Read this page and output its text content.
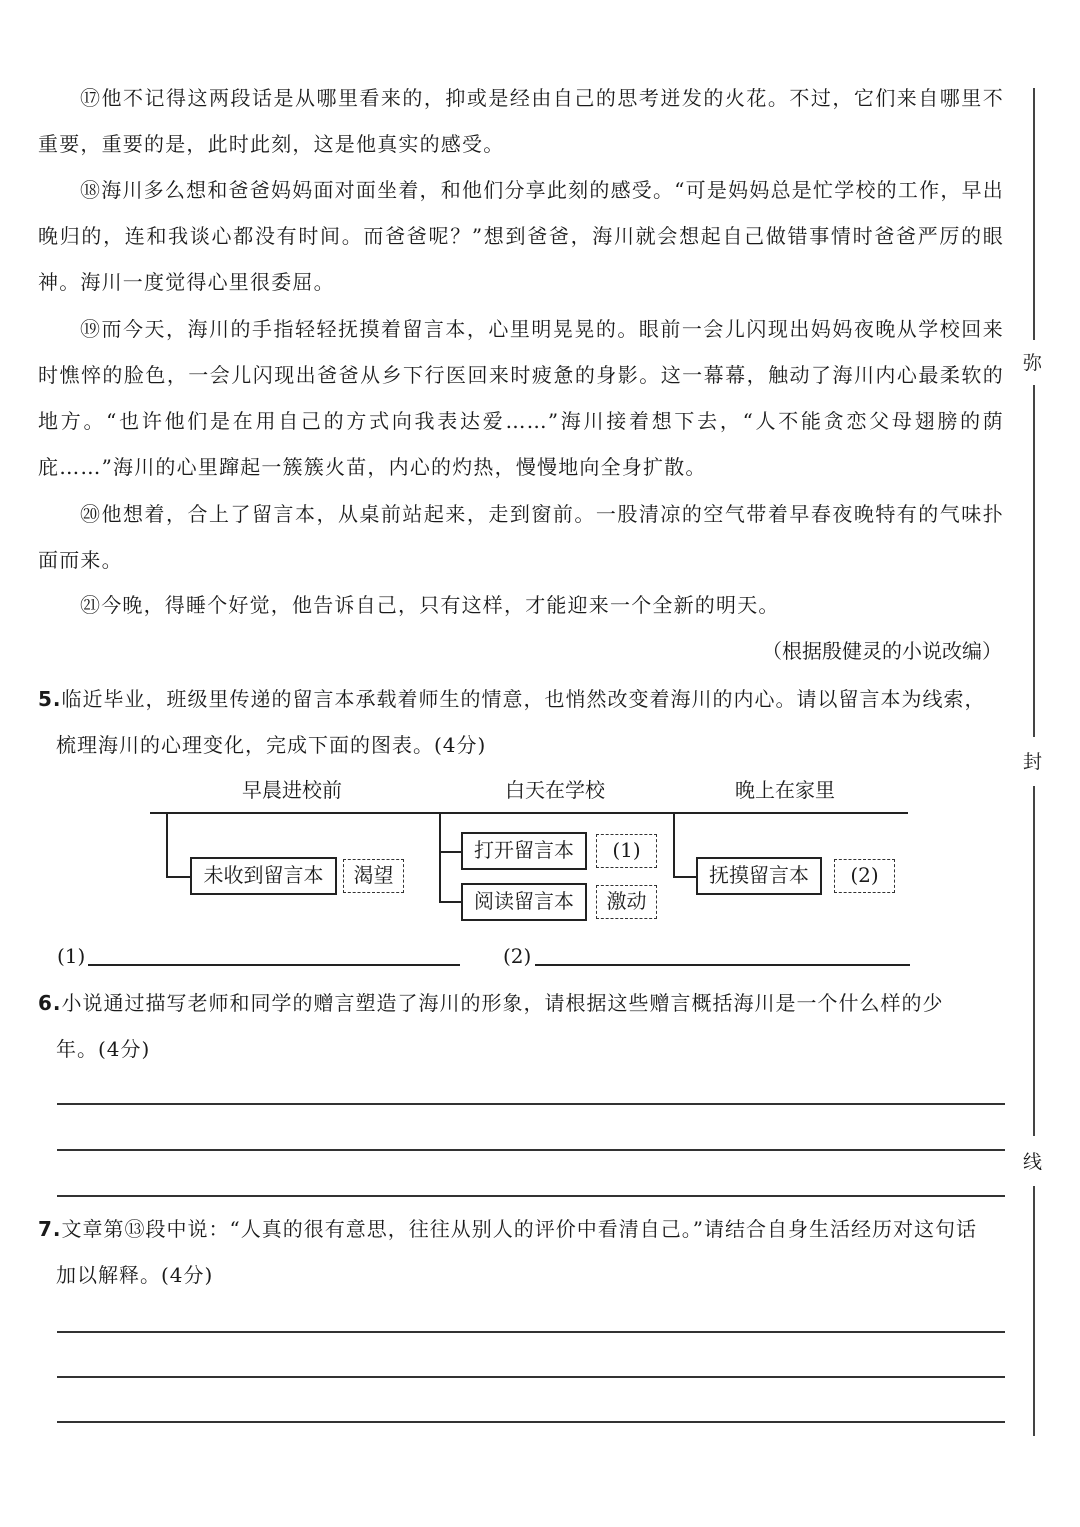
⑰他不记得这两段话是从哪里看来的，抑或是经由自己的思考迸发的火花。不过，它们来自哪里不重要，重要的是，此时此刻，这是他真实的感受。

⑱海川多么想和爸爸妈妈面对面坐着，和他们分享此刻的感受。“可是妈妈总是忙学校的工作，早出晚归的，连和我谈心都没有时间。而爸爸呢？”想到爸爸，海川就会想起自己做错事情时爸爸严厉的眼神。海川一度觉得心里很委屈。

⑲而今天，海川的手指轻轻抚摸着留言本，心里明晃晃的。眼前一会儿闪现出妈妈夜晚从学校回来时憔悴的脸色，一会儿闪现出爸爸从乡下行医回来时疲惫的身影。这一幕幕，触动了海川内心最柔软的地方。“也许他们是在用自己的方式向我表达爱……”海川接着想下去，“人不能贪恋父母翅膀的荫庇……”海川的心里蹿起一簇簇火苗，内心的灼热，慢慢地向全身扩散。

⑳他想着，合上了留言本，从桌前站起来，走到窗前。一股清凉的空气带着早春夜晚特有的气味扑面而来。

㉑今晚，得睡个好觉，他告诉自己，只有这样，才能迎来一个全新的明天。

（根据殷健灵的小说改编）

5.临近毕业，班级里传递的留言本承载着师生的情意，也悄然改变着海川的内心。请以留言本为线索，
梳理海川的心理变化，完成下面的图表。(4分)
早晨进校前	白天在学校	晚上在家里
未收到留言本	渴望
打开留言本	(1)
阅读留言本	激动
抚摸留言本	(2)
(1)	(2)
6.小说通过描写老师和同学的赠言塑造了海川的形象，请根据这些赠言概括海川是一个什么样的少
年。(4分)
7.文章第⑬段中说：“人真的很有意思，往往从别人的评价中看清自己。”请结合自身生活经历对这句话
加以解释。(4分)
弥
封
线
